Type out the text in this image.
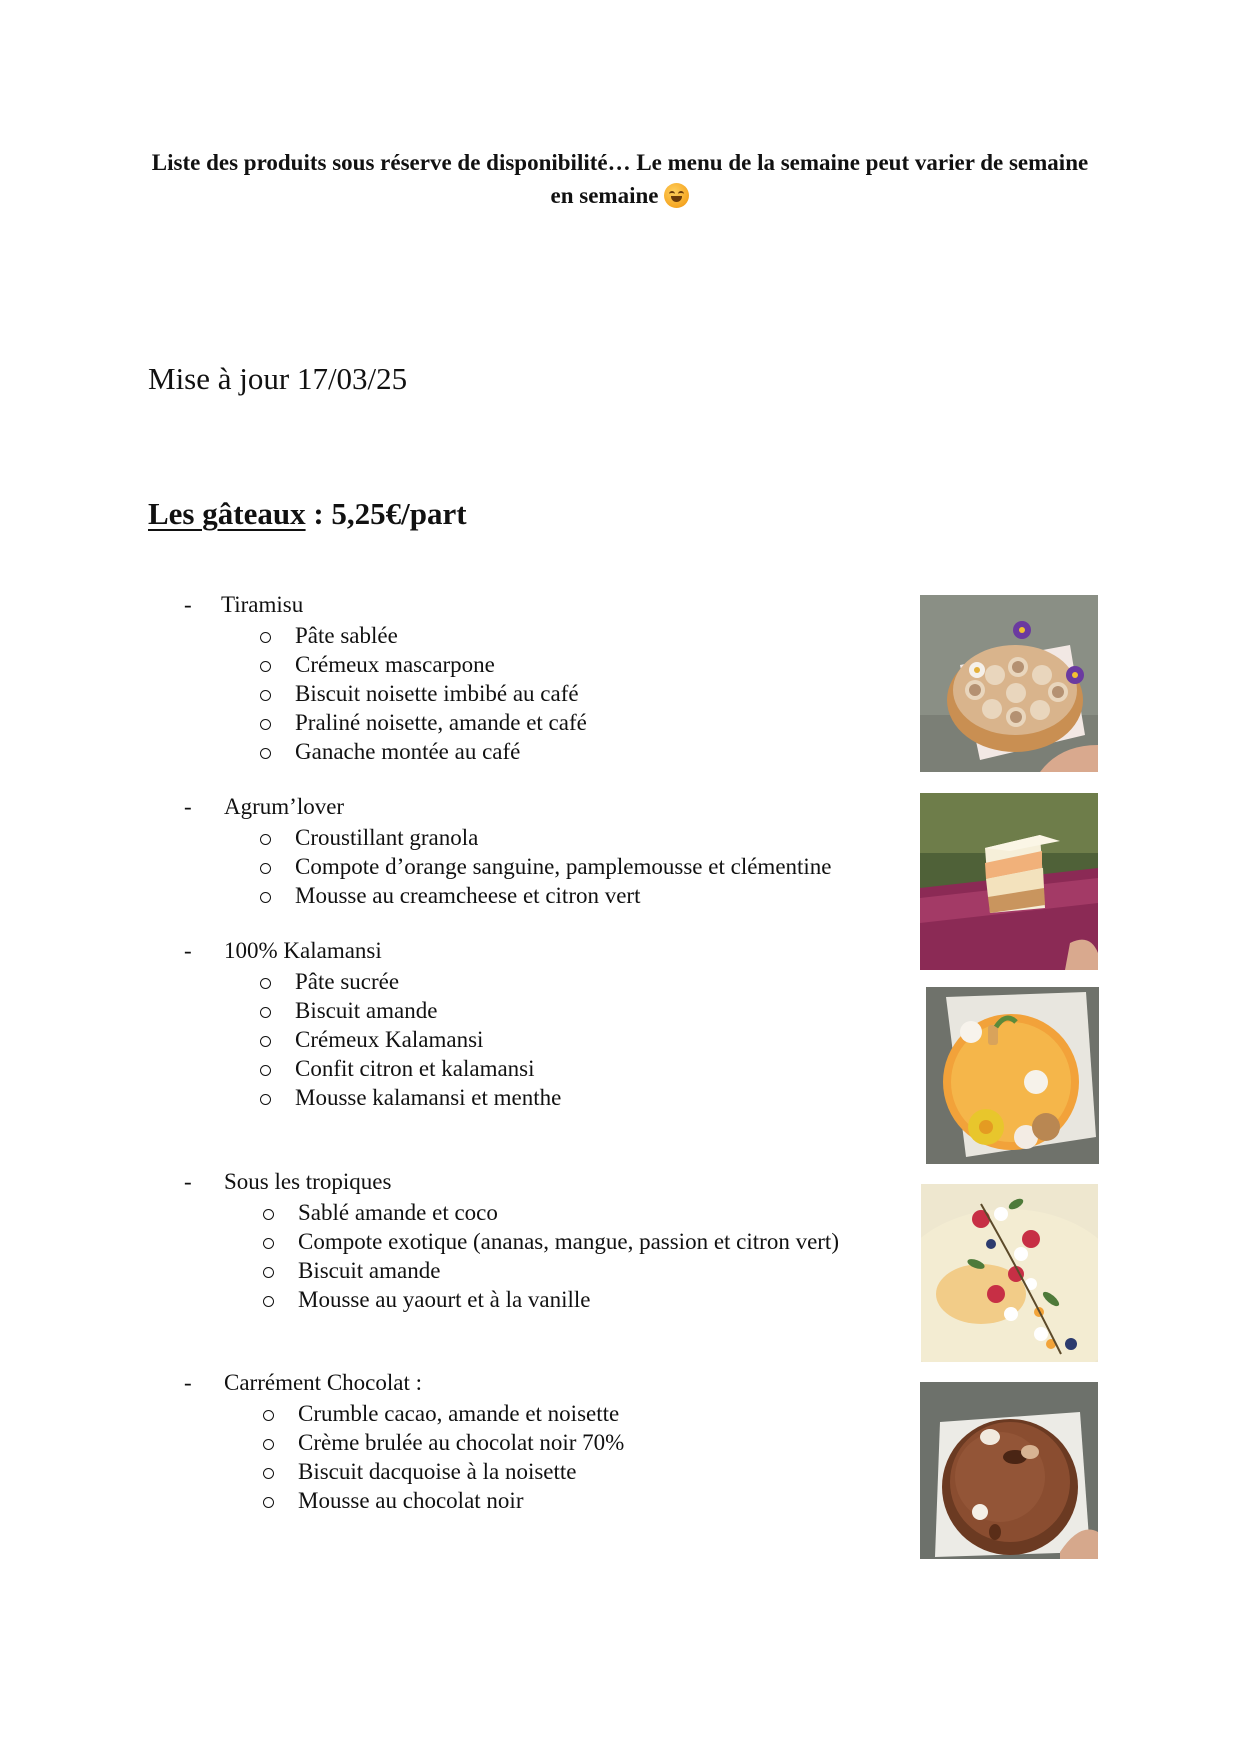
Liste des produits sous réserve de disponibilité… Le menu de la semaine peut varier de semaine en semaine
Mise à jour 17/03/25
Les gâteaux : 5,25€/part
- Tiramisu
Pâte sablée
Crémeux mascarpone
Biscuit noisette imbibé au café
Praliné noisette, amande et café
Ganache montée au café
- Agrum’lover
Croustillant granola
Compote d’orange sanguine, pamplemousse et clémentine
Mousse au creamcheese et citron vert
- 100% Kalamansi
Pâte sucrée
Biscuit amande
Crémeux Kalamansi
Confit citron et kalamansi
Mousse kalamansi et menthe
- Sous les tropiques
Sablé amande et coco
Compote exotique (ananas, mangue, passion et citron vert)
Biscuit amande
Mousse au yaourt et à la vanille
- Carrément Chocolat :
Crumble cacao, amande et noisette
Crème brulée au chocolat noir 70%
Biscuit dacquoise à la noisette
Mousse au chocolat noir
